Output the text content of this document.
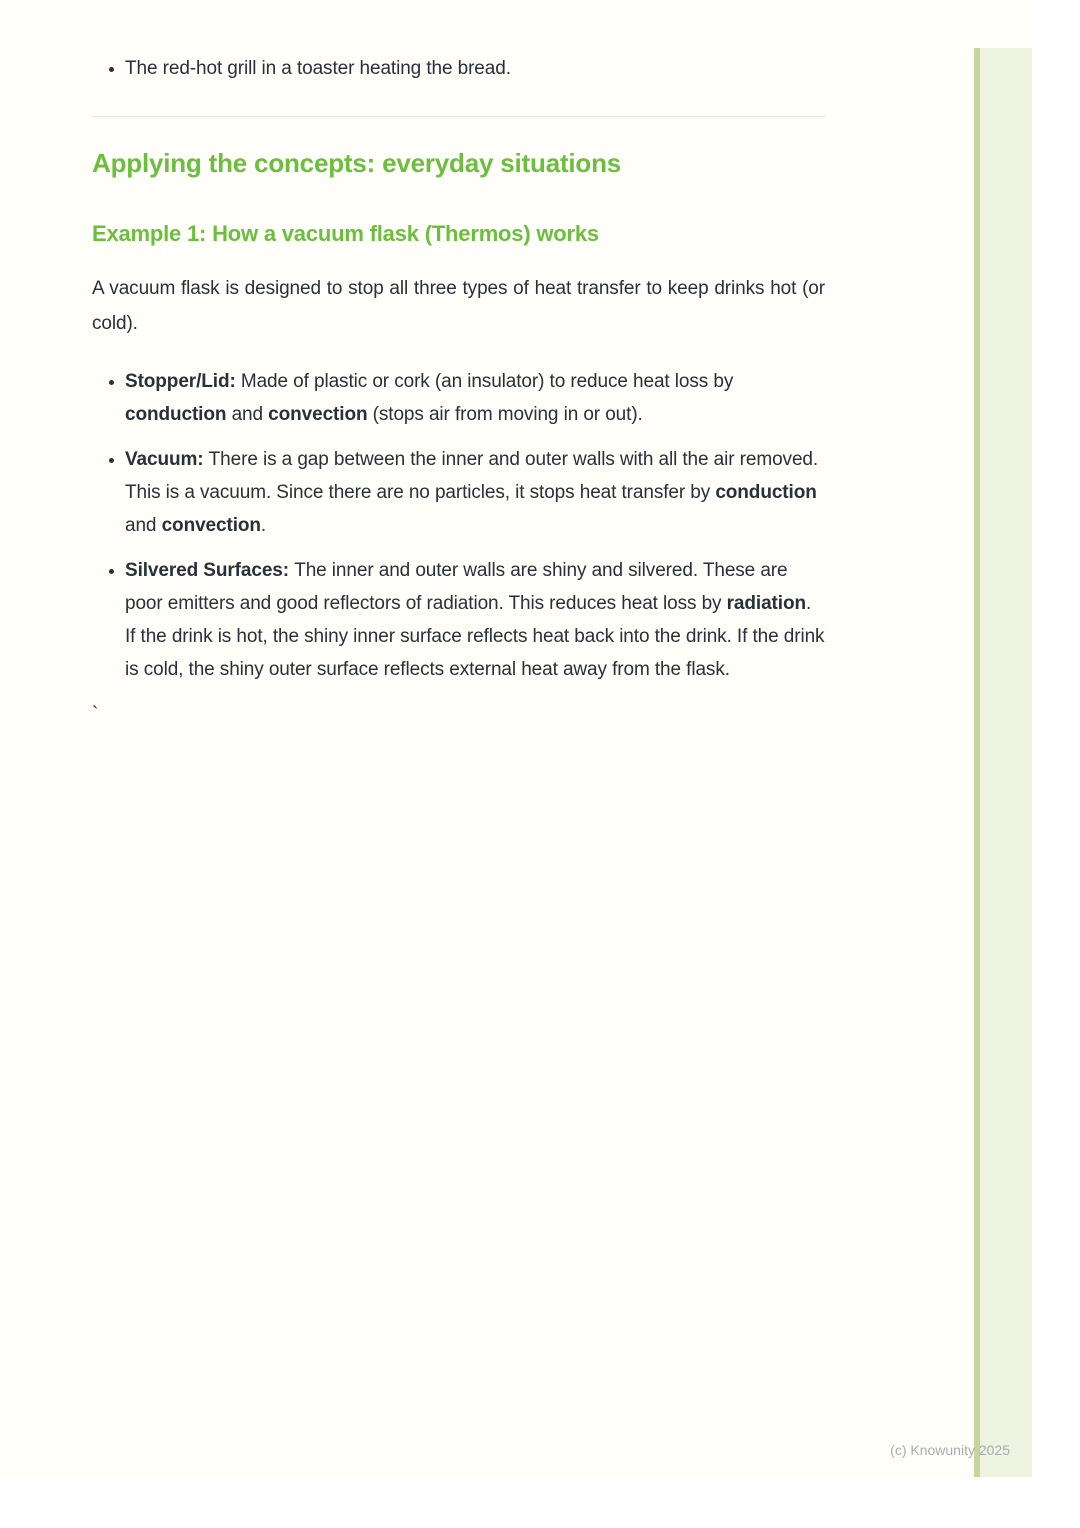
• The red-hot grill in a toaster heating the bread.
Applying the concepts: everyday situations
Example 1: How a vacuum flask (Thermos) works

A vacuum flask is designed to stop all three types of heat transfer to keep drinks hot (or cold).

• Stopper/Lid: Made of plastic or cork (an insulator) to reduce heat loss by conduction and convection (stops air from moving in or out).
• Vacuum: There is a gap between the inner and outer walls with all the air removed. This is a vacuum. Since there are no particles, it stops heat transfer by conduction and convection.
• Silvered Surfaces: The inner and outer walls are shiny and silvered. These are poor emitters and good reflectors of radiation. This reduces heat loss by radiation. If the drink is hot, the shiny inner surface reflects heat back into the drink. If the drink is cold, the shiny outer surface reflects external heat away from the flask.
`
(c) Knowunity 2025
